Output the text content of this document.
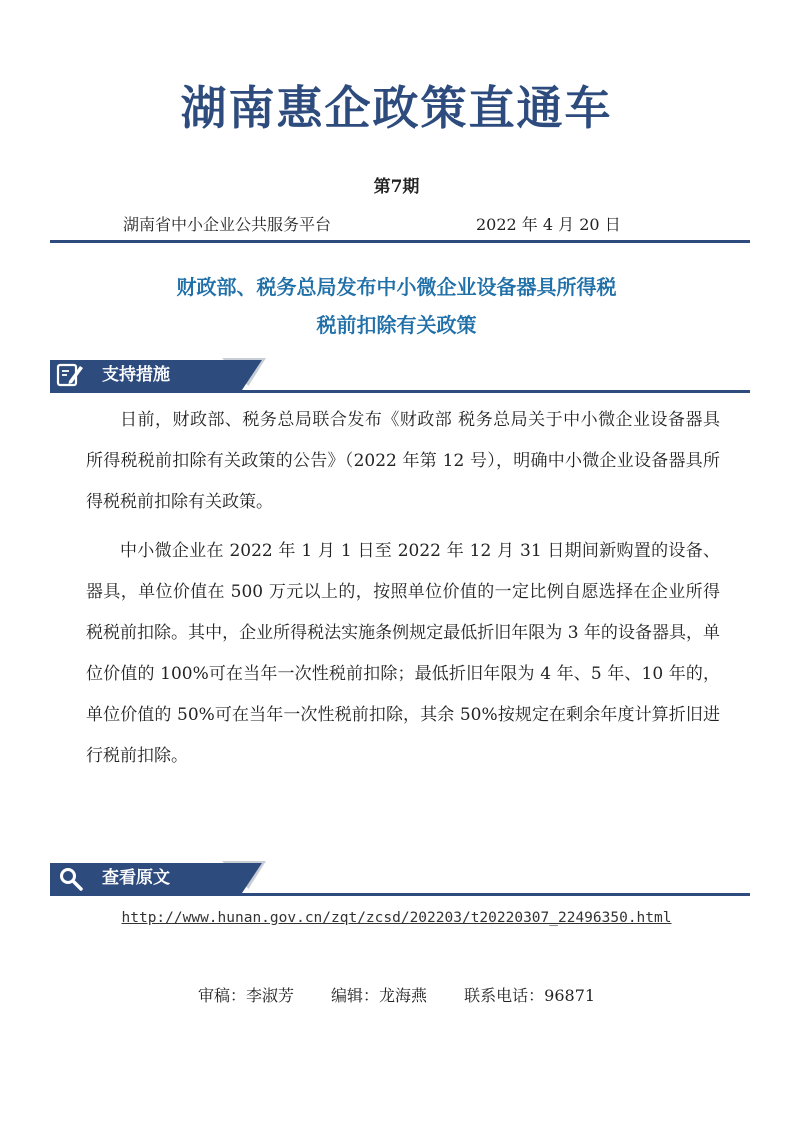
湖南惠企政策直通车
第7期
湖南省中小企业公共服务平台	2022 年 4 月 20 日
财政部、税务总局发布中小微企业设备器具所得税
税前扣除有关政策
支持措施

日前，财政部、税务总局联合发布《财政部 税务总局关于中小微企业设备器具所得税税前扣除有关政策的公告》（2022 年第 12 号），明确中小微企业设备器具所得税税前扣除有关政策。

中小微企业在 2022 年 1 月 1 日至 2022 年 12 月 31 日期间新购置的设备、器具，单位价值在 500 万元以上的，按照单位价值的一定比例自愿选择在企业所得税税前扣除。其中，企业所得税法实施条例规定最低折旧年限为 3 年的设备器具，单位价值的 100%可在当年一次性税前扣除；最低折旧年限为 4 年、5 年、10 年的，单位价值的 50%可在当年一次性税前扣除，其余 50%按规定在剩余年度计算折旧进行税前扣除。

查看原文
http://www.hunan.gov.cn/zqt/zcsd/202203/t20220307_22496350.html
审稿：李淑芳 编辑：龙海燕 联系电话：96871
